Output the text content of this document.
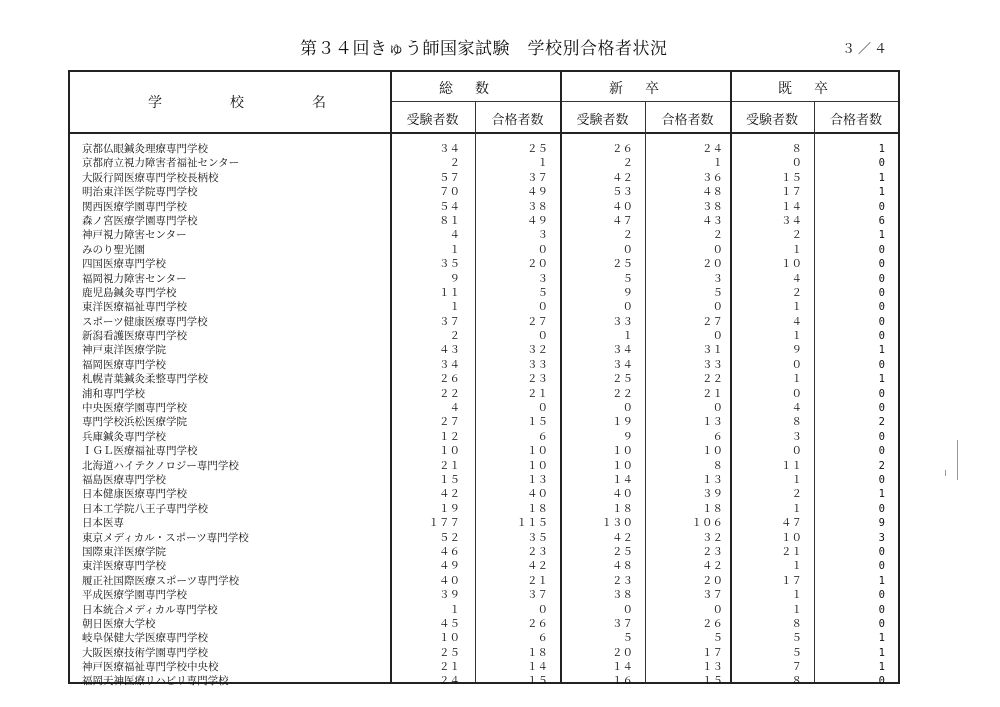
第３４回きゅう師国家試験　学校別合格者状況	３／４
学	校	名
総数	新卒	既卒
受験者数	合格者数	受験者数	合格者数	受験者数	合格者数
京都仏眼鍼灸理療専門学校	３４	２５	２６	２４	８	1
京都府立視力障害者福祉センター	２	１	２	１	０	0
大阪行岡医療専門学校長柄校	５７	３７	４２	３６	１５	1
明治東洋医学院専門学校	７０	４９	５３	４８	１７	1
関西医療学園専門学校	５４	３８	４０	３８	１４	0
森ノ宮医療学園専門学校	８１	４９	４７	４３	３４	6
神戸視力障害センター	４	３	２	２	２	1
みのり聖光園	１	０	０	０	１	0
四国医療専門学校	３５	２０	２５	２０	１０	0
福岡視力障害センター	９	３	５	３	４	0
鹿児島鍼灸専門学校	１１	５	９	５	２	0
東洋医療福祉専門学校	１	０	０	０	１	0
スポーツ健康医療専門学校	３７	２７	３３	２７	４	0
新潟看護医療専門学校	２	０	１	０	１	0
神戸東洋医療学院	４３	３２	３４	３１	９	1
福岡医療専門学校	３４	３３	３４	３３	０	0
札幌青葉鍼灸柔整専門学校	２６	２３	２５	２２	１	1
浦和専門学校	２２	２１	２２	２１	０	0
中央医療学園専門学校	４	０	０	０	４	0
専門学校浜松医療学院	２７	１５	１９	１３	８	2
兵庫鍼灸専門学校	１２	６	９	６	３	0
ＩＧＬ医療福祉専門学校	１０	１０	１０	１０	０	0
北海道ハイテクノロジー専門学校	２１	１０	１０	８	１１	2
福島医療専門学校	１５	１３	１４	１３	１	0
日本健康医療専門学校	４２	４０	４０	３９	２	1
日本工学院八王子専門学校	１９	１８	１８	１８	１	0
日本医専	１７７	１１５	１３０	１０６	４７	9
東京メディカル・スポーツ専門学校	５２	３５	４２	３２	１０	3
国際東洋医療学院	４６	２３	２５	２３	２１	0
東洋医療専門学校	４９	４２	４８	４２	１	0
履正社国際医療スポーツ専門学校	４０	２１	２３	２０	１７	1
平成医療学園専門学校	３９	３７	３８	３７	１	0
日本統合メディカル専門学校	１	０	０	０	１	0
朝日医療大学校	４５	２６	３７	２６	８	0
岐阜保健大学医療専門学校	１０	６	５	５	５	1
大阪医療技術学園専門学校	２５	１８	２０	１７	５	1
神戸医療福祉専門学校中央校	２１	１４	１４	１３	７	1
福岡天神医療リハビリ専門学校	２４	１５	１６	１５	８	0
